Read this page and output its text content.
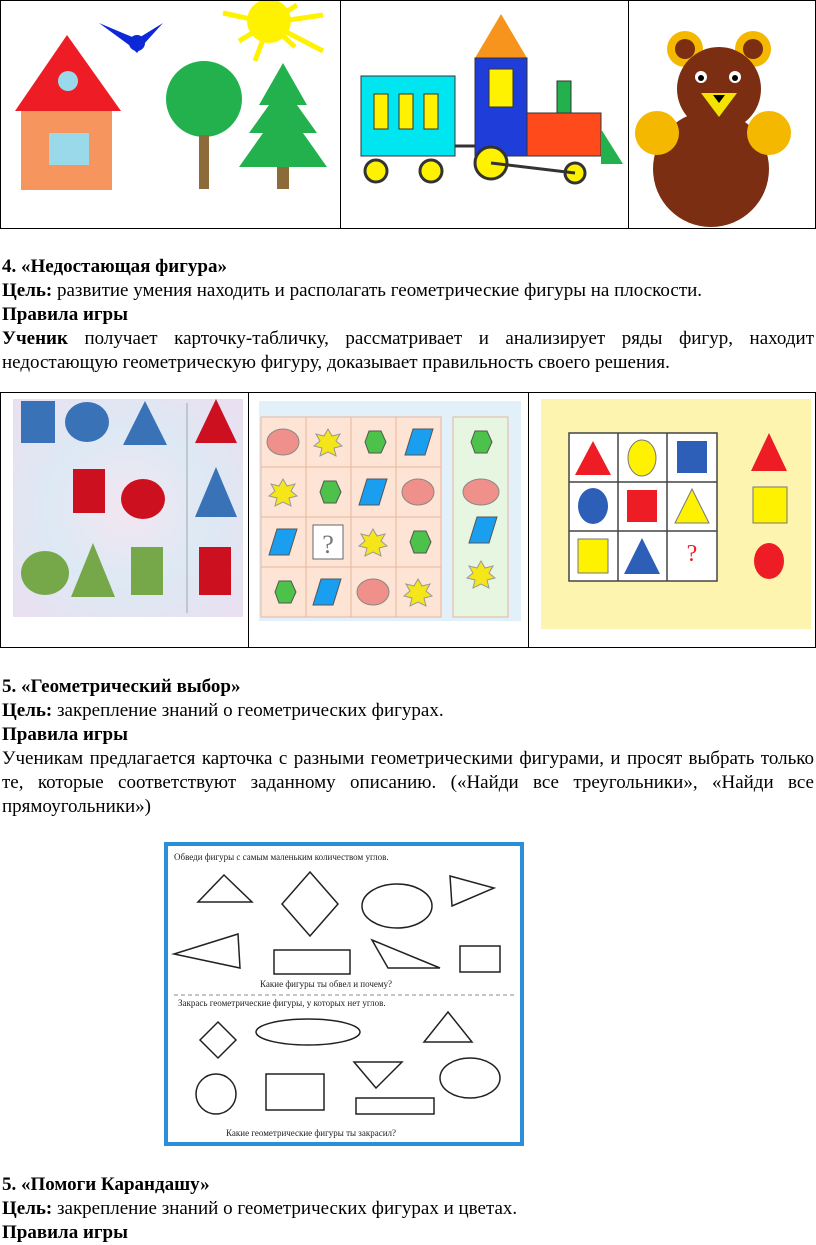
4. «Недостающая фигура»

Цель: развитие умения находить и располагать геометрические фигуры на плоскости.

Правила игры

Ученик получает карточку-табличку, рассматривает и анализирует ряды фигур, находит недостающую геометрическую фигуру, доказывает правильность своего решения.

?	?

5. «Геометрический выбор»

Цель: закрепление знаний о геометрических фигурах.

Правила игры

Ученикам предлагается карточка с разными геометрическими фигурами, и просят выбрать только те, которые соответствуют заданному описанию. («Найди все треугольники», «Найди все прямоугольники»)

Обведи фигуры с самым маленьким количеством углов.
Какие фигуры ты обвел и почему?
Закрась геометрические фигуры, у которых нет углов.
Какие геометрические фигуры ты закрасил?

5. «Помоги Карандашу»

Цель: закрепление знаний о геометрических фигурах и цветах.

Правила игры
